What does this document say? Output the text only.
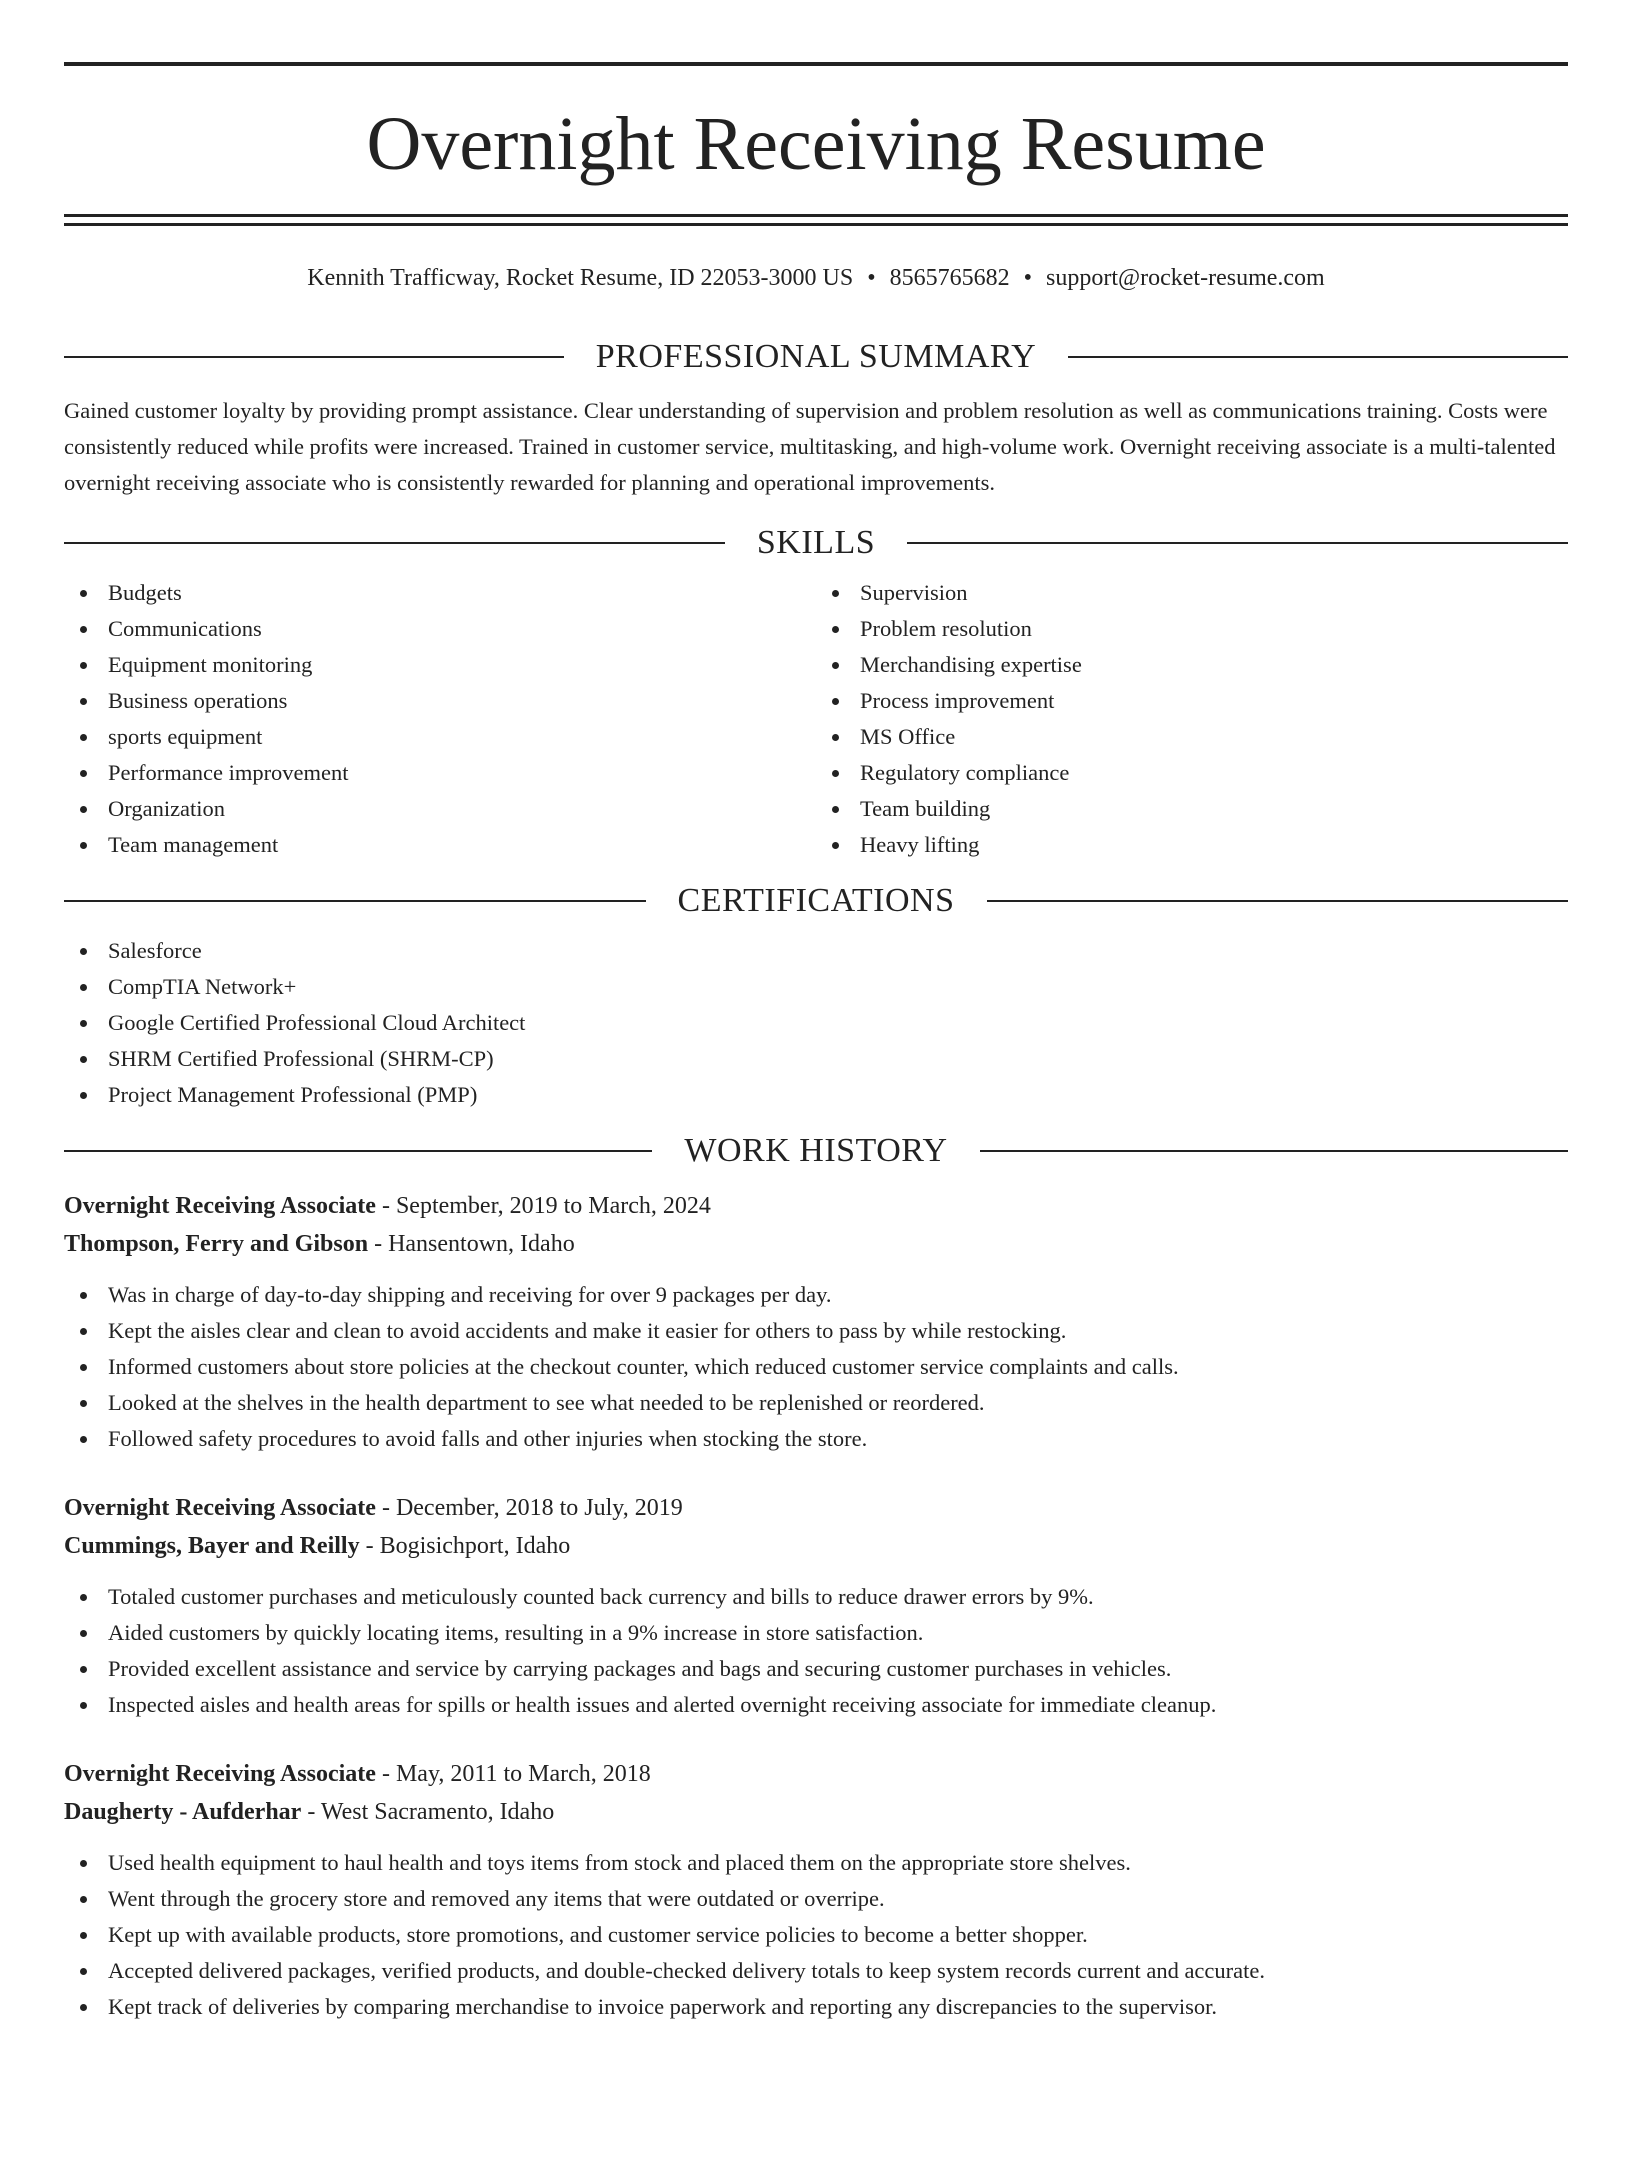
Overnight Receiving Resume
Kennith Trafficway, Rocket Resume, ID 22053-3000 US • 8565765682 • support@rocket-resume.com
PROFESSIONAL SUMMARY

Gained customer loyalty by providing prompt assistance. Clear understanding of supervision and problem resolution as well as communications training. Costs were consistently reduced while profits were increased. Trained in customer service, multitasking, and high-volume work. Overnight receiving associate is a multi-talented overnight receiving associate who is consistently rewarded for planning and operational improvements.

SKILLS
Budgets
Communications
Equipment monitoring
Business operations
sports equipment
Performance improvement
Organization
Team management
Supervision
Problem resolution
Merchandising expertise
Process improvement
MS Office
Regulatory compliance
Team building
Heavy lifting
CERTIFICATIONS
Salesforce
CompTIA Network+
Google Certified Professional Cloud Architect
SHRM Certified Professional (SHRM-CP)
Project Management Professional (PMP)
WORK HISTORY
Overnight Receiving Associate - September, 2019 to March, 2024
Thompson, Ferry and Gibson - Hansentown, Idaho
Was in charge of day-to-day shipping and receiving for over 9 packages per day.
Kept the aisles clear and clean to avoid accidents and make it easier for others to pass by while restocking.
Informed customers about store policies at the checkout counter, which reduced customer service complaints and calls.
Looked at the shelves in the health department to see what needed to be replenished or reordered.
Followed safety procedures to avoid falls and other injuries when stocking the store.
Overnight Receiving Associate - December, 2018 to July, 2019
Cummings, Bayer and Reilly - Bogisichport, Idaho
Totaled customer purchases and meticulously counted back currency and bills to reduce drawer errors by 9%.
Aided customers by quickly locating items, resulting in a 9% increase in store satisfaction.
Provided excellent assistance and service by carrying packages and bags and securing customer purchases in vehicles.
Inspected aisles and health areas for spills or health issues and alerted overnight receiving associate for immediate cleanup.
Overnight Receiving Associate - May, 2011 to March, 2018
Daugherty - Aufderhar - West Sacramento, Idaho
Used health equipment to haul health and toys items from stock and placed them on the appropriate store shelves.
Went through the grocery store and removed any items that were outdated or overripe.
Kept up with available products, store promotions, and customer service policies to become a better shopper.
Accepted delivered packages, verified products, and double-checked delivery totals to keep system records current and accurate.
Kept track of deliveries by comparing merchandise to invoice paperwork and reporting any discrepancies to the supervisor.
